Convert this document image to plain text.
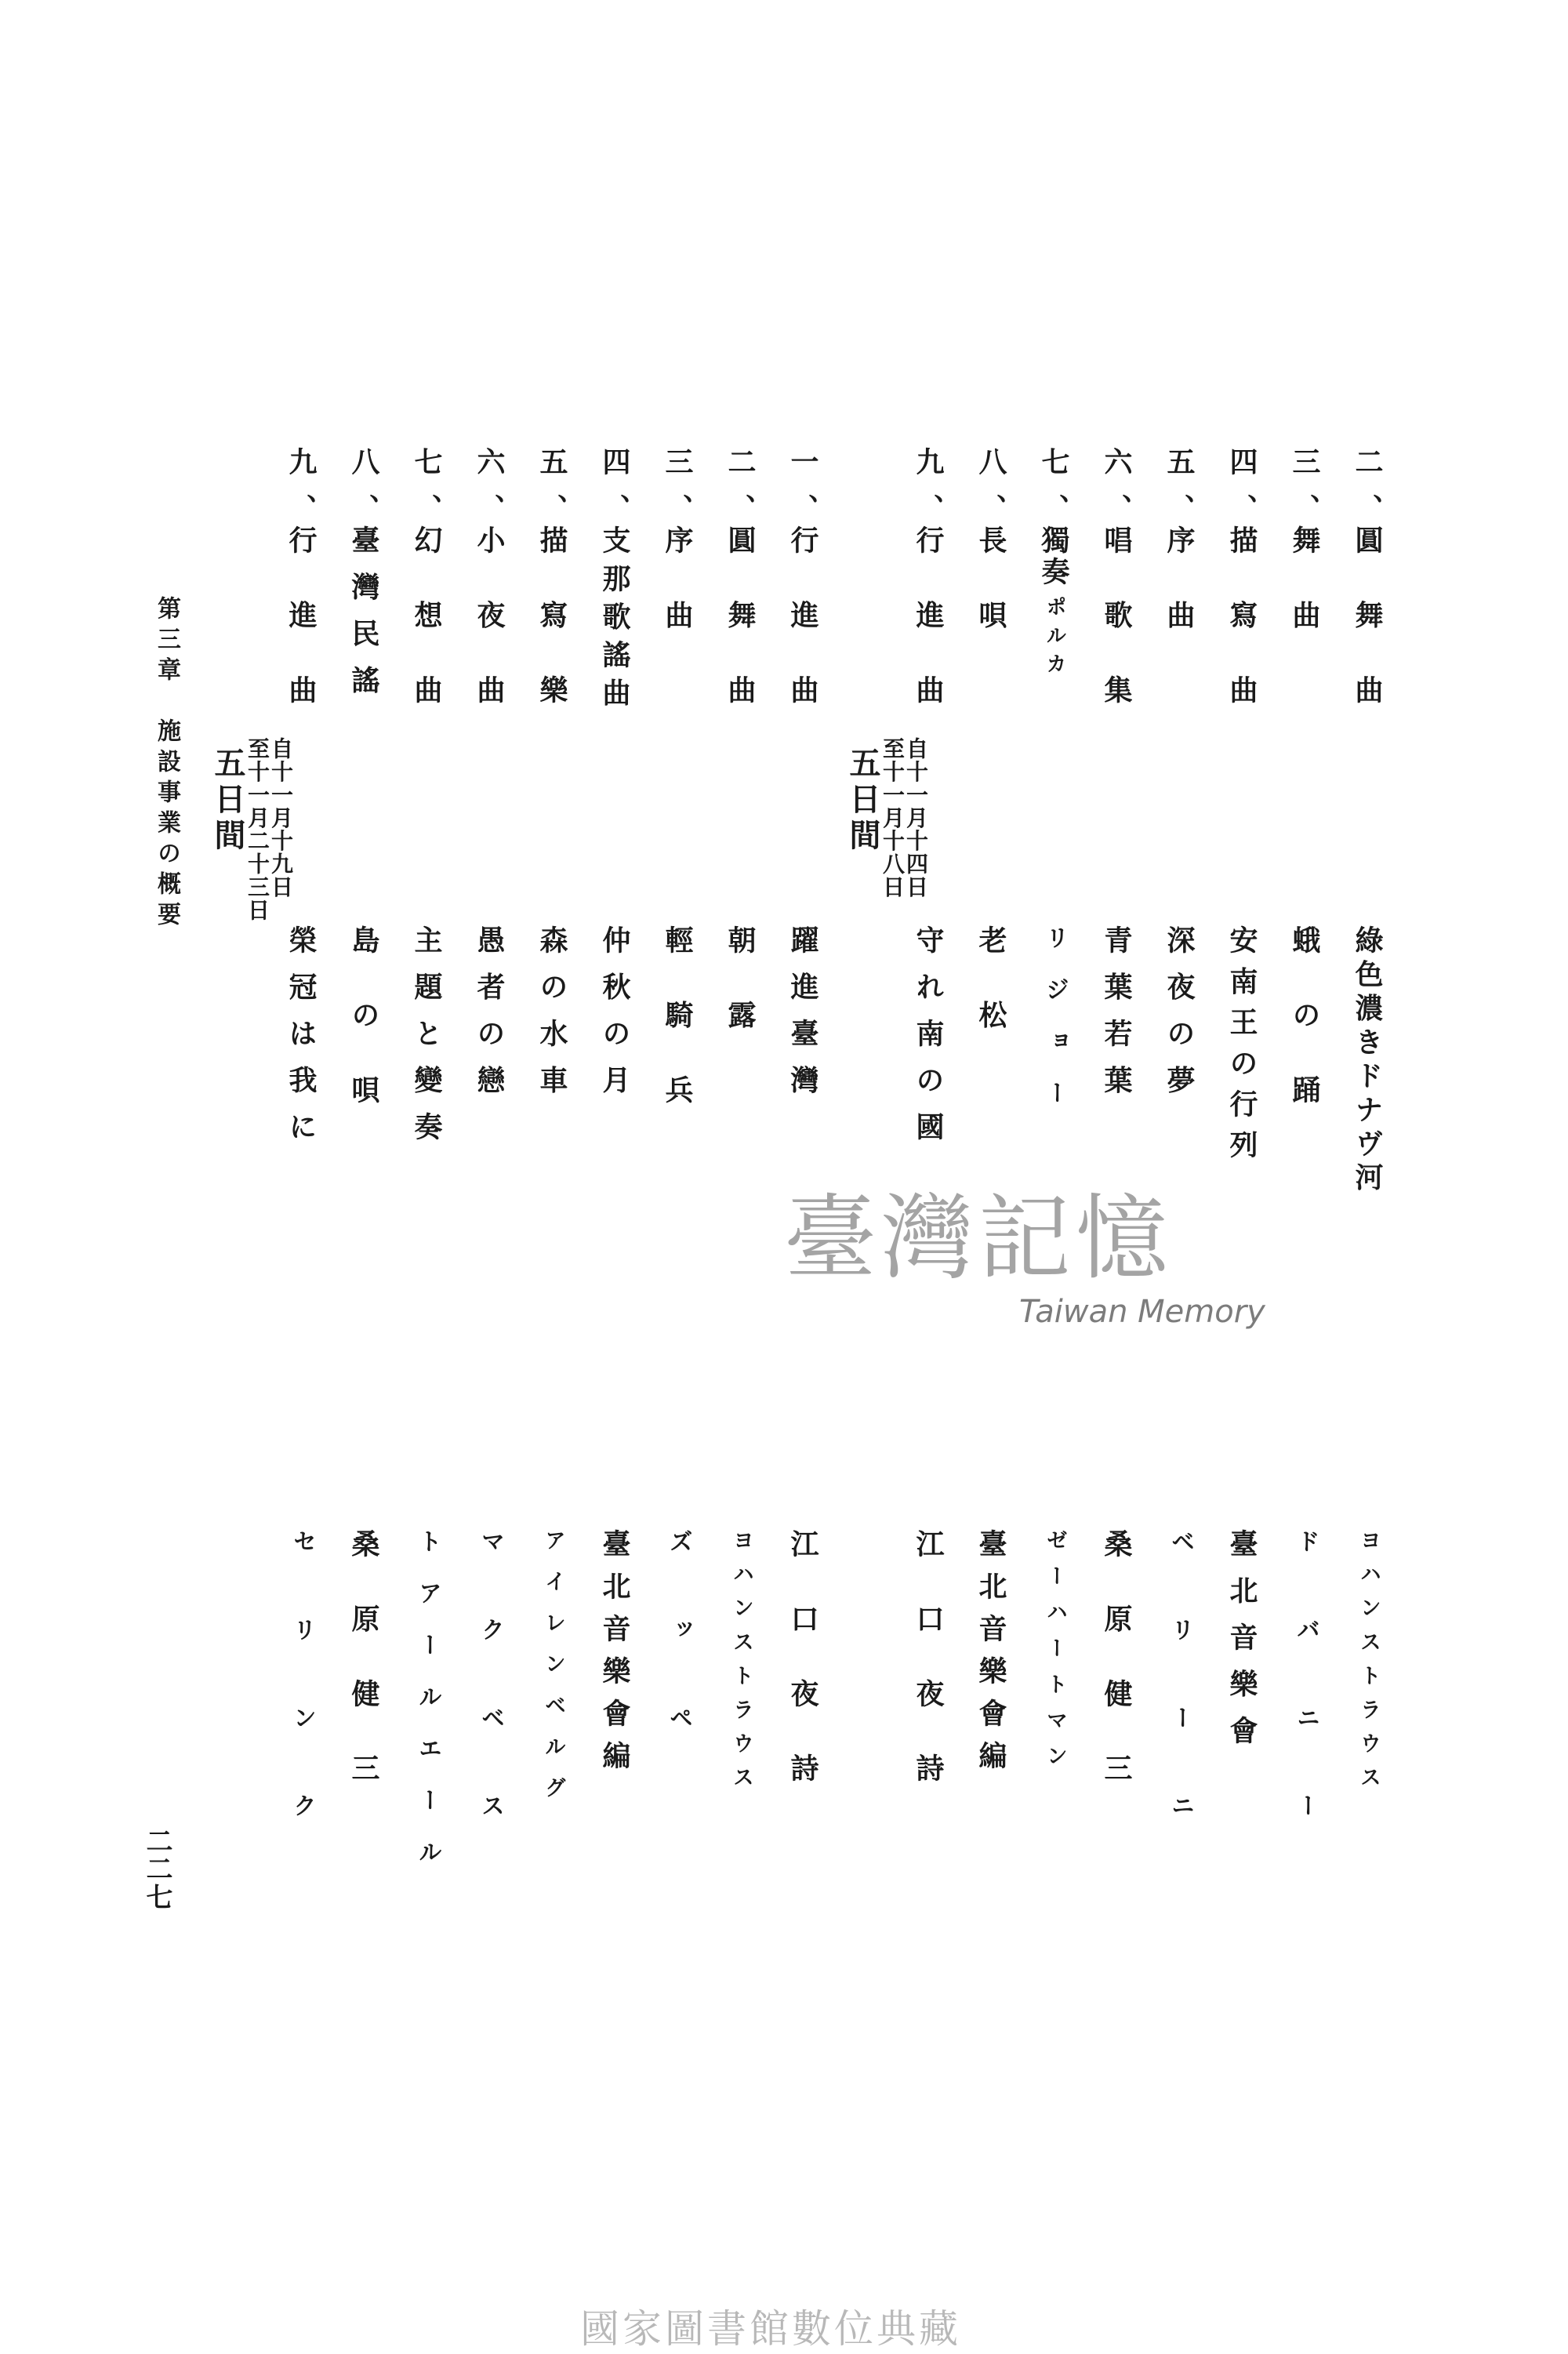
第三章　施設事業の概要	自十一月十九日
至十一月二十三日
五日間	自十一月十四日
至十一月十八日
五日間
九、
行 進 曲
榮冠は我に
セ リ ン ク
八、
臺灣民謠
島 の 唄
桑 原 健 三
七、
幻 想 曲
主題と變奏
トアールエール
六、
小 夜 曲
愚者の戀
マ ク ベ ス
五、
描 寫 樂
森の水車
アイレンベルグ
四、
支那歌謠曲
仲秋の月
臺北音樂會編
三、
序 曲
輕 騎 兵
ズ ッ ペ
二、
圓 舞 曲
朝 露
ヨハンストラウス
一、
行 進 曲
躍進臺灣
江 口 夜 詩
九、
行 進 曲
守れ南の國
江 口 夜 詩
八、
長 唄
老 松
臺北音樂會編
七、
獨奏
ポルカ
リジョー
ゼーハートマン
六、
唱 歌 集
青葉若葉
桑 原 健 三
五、
序 曲
深夜の夢
ベ リ ー ニ
四、
描 寫 曲
安南王の行列
臺北音樂會
三、
舞 曲
蛾 の 踊
ド バ ニ ー
二、
圓 舞 曲
綠色濃きドナヴ河
ヨハンストラウス
二二七
臺灣記憶
Taiwan Memory
國家圖書館數位典藏
